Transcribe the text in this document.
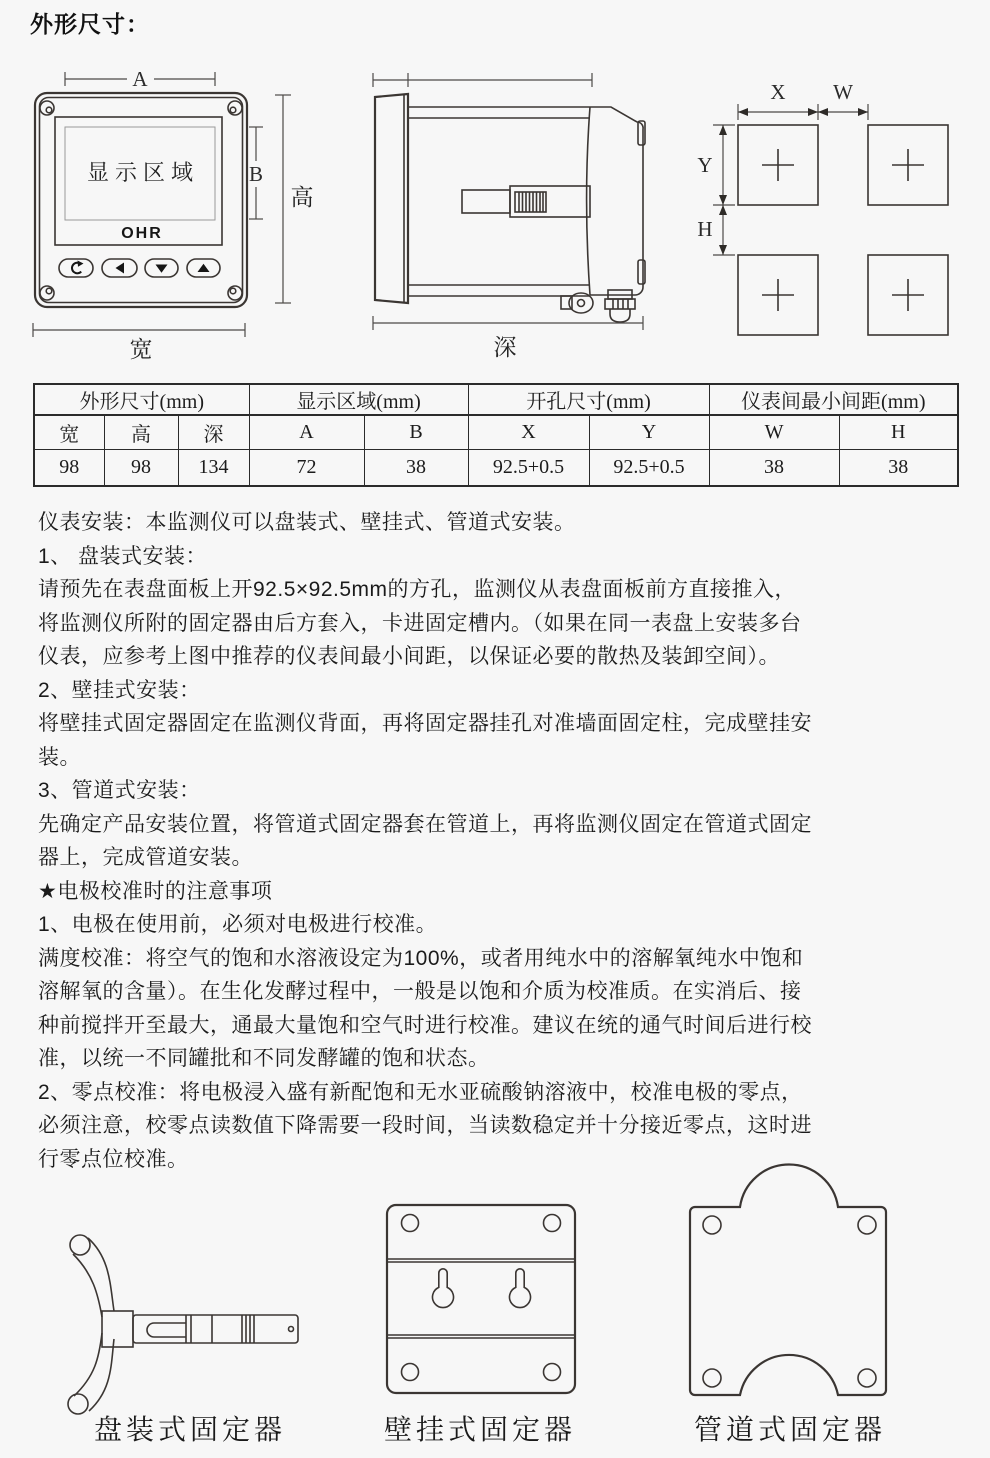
外形尺寸：
A
显示区域
OHR
B
高
宽	深
X W
Y
H
外形尺寸(mm)			显示区域(mm)		开孔尺寸(mm)		仪表间最小间距(mm)	
宽	高	深	A	B	X	Y	W	H
98	98	134	72	38	92.5+0.5	92.5+0.5	38	38
仪表安装：本监测仪可以盘装式、壁挂式、管道式安装。
1、 盘装式安装：
请预先在表盘面板上开92.5×92.5mm的方孔，监测仪从表盘面板前方直接推入，
将监测仪所附的固定器由后方套入，卡进固定槽内。（如果在同一表盘上安装多台
仪表，应参考上图中推荐的仪表间最小间距，以保证必要的散热及装卸空间）。
2、壁挂式安装：
将壁挂式固定器固定在监测仪背面，再将固定器挂孔对准墙面固定柱，完成壁挂安
装。
3、管道式安装：
先确定产品安装位置，将管道式固定器套在管道上，再将监测仪固定在管道式固定
器上，完成管道安装。
★电极校准时的注意事项
1、电极在使用前，必须对电极进行校准。
满度校准：将空气的饱和水溶液设定为100%，或者用纯水中的溶解氧纯水中饱和
溶解氧的含量）。在生化发酵过程中，一般是以饱和介质为校准质。在实消后、接
种前搅拌开至最大，通最大量饱和空气时进行校准。建议在统的通气时间后进行校
准，以统一不同罐批和不同发酵罐的饱和状态。
2、零点校准：将电极浸入盛有新配饱和无水亚硫酸钠溶液中，校准电极的零点，
必须注意，校零点读数值下降需要一段时间，当读数稳定并十分接近零点，这时进
行零点位校准。
盘装式固定器	壁挂式固定器	管道式固定器
